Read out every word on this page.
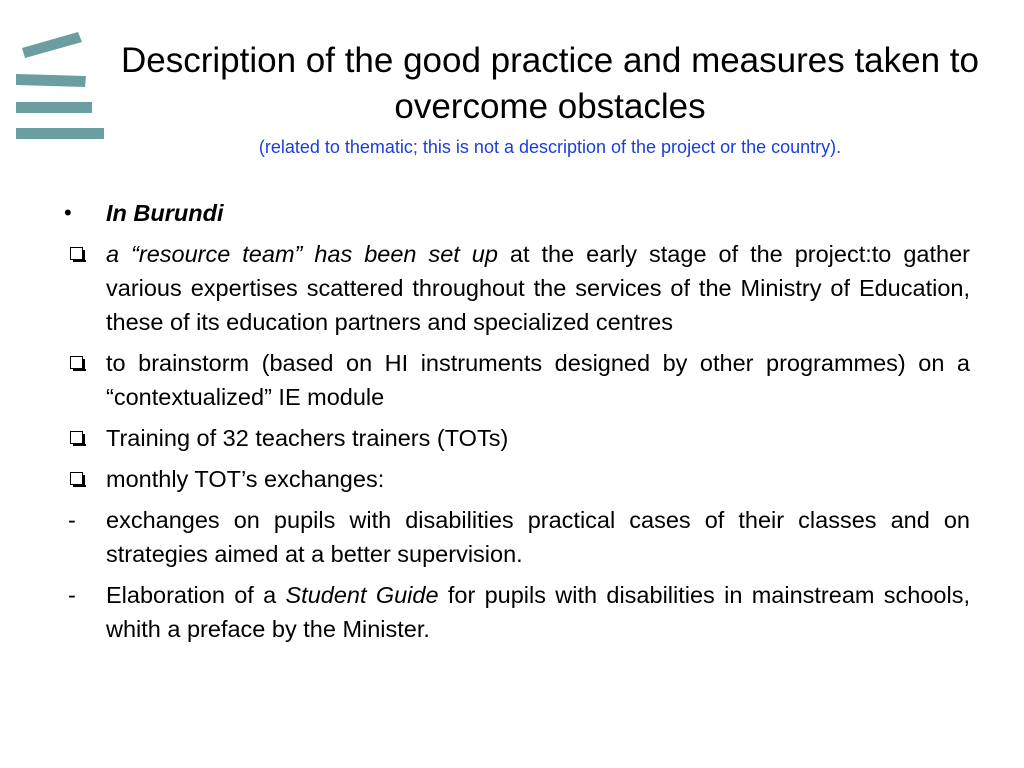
Description of the good practice and measures taken to overcome obstacles
(related to thematic; this is not a description of the project or the country).
•	In Burundi
a “resource team” has been set up at the early stage of the project:to gather various expertises scattered throughout the services of the Ministry of Education, these of its education partners and specialized centres
to brainstorm (based on HI instruments designed by other programmes) on a “contextualized” IE module
Training of 32 teachers trainers (TOTs)
monthly TOT’s exchanges:
-	exchanges on pupils with disabilities practical cases of their classes and on strategies aimed at a better supervision.
-	Elaboration of a Student Guide for pupils with disabilities in mainstream schools, whith a preface by the Minister.
